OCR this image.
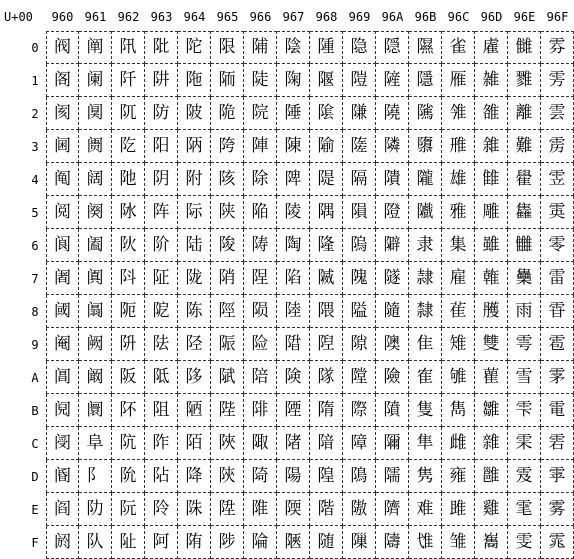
U+00	960 961 962 963 964 965 966 967 968 969 96A 96B 96C 96D 96E 96F
0
1
2
3
4
5
6
7
8
9
A
B
C
D
E
F
阀
阁
阂
阃
阄
阅
阆
阇
阈
阉
阊
阋
阌
阍
阎
阏
阐
阑
阒
阓
阔
阕
阖
阗
阘
阙
阚
阛
阜
阝
阞
队
阠
阡
阢
阣
阤
阥
阦
阧
阨
阩
阪
阫
阬
阭
阮
阯
阰
阱
防
阳
阴
阵
阶
阷
阸
阹
阺
阻
阼
阽
阾
阿
陀
陁
陂
陃
附
际
陆
陇
陈
陉
陊
陋
陌
降
陎
陏
限
陑
陒
陓
陔
陕
陖
陗
陘
陙
陚
陛
陜
陝
陞
陟
陠
陡
院
陣
除
陥
陦
陧
陨
险
陪
陫
陬
陭
陮
陯
陰
陱
陲
陳
陴
陵
陶
陷
陸
陹
険
陻
陼
陽
陾
陿
隀
隁
隂
隃
隄
隅
隆
隇
隈
隉
隊
隋
隌
隍
階
随
隐
隑
隒
隓
隔
隕
隖
隗
隘
隙
隚
際
障
隝
隞
隟
隠
隡
隢
隣
隤
隥
隦
隧
隨
隩
險
隫
隬
隭
隮
隯
隰
隱
隲
隳
隴
隵
隶
隷
隸
隹
隺
隻
隼
隽
难
隿
雀
雁
雂
雃
雄
雅
集
雇
雈
雉
雊
雋
雌
雍
雎
雏
雐
雑
雒
雓
雔
雕
雖
雗
雘
雙
雚
雛
雜
雝
雞
雟
雠
雡
離
難
雤
雥
雦
雧
雨
雩
雪
雫
雬
雭
雮
雯
雰
雱
雲
雳
雴
雵
零
雷
雸
雹
雺
電
雼
雽
雾
雿
